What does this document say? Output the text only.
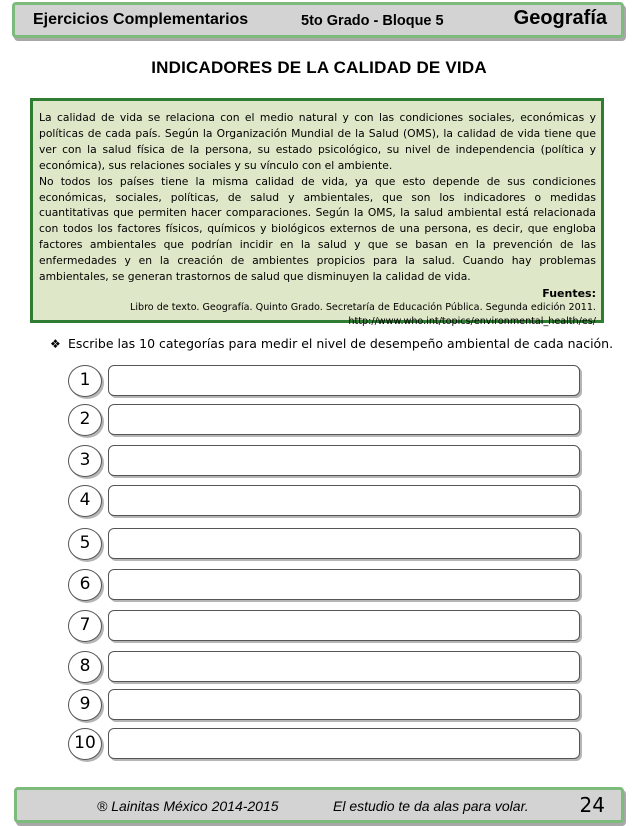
Ejercicios Complementarios	5to Grado - Bloque 5	Geografía
INDICADORES DE LA CALIDAD DE VIDA

La calidad de vida se relaciona con el medio natural y con las condiciones sociales, económicas y políticas de cada país. Según la Organización Mundial de la Salud (OMS), la calidad de vida tiene que ver con la salud física de la persona, su estado psicológico, su nivel de independencia (política y económica), sus relaciones sociales y su vínculo con el ambiente.

No todos los países tiene la misma calidad de vida, ya que esto depende de sus condiciones económicas, sociales, políticas, de salud y ambientales, que son los indicadores o medidas cuantitativas que permiten hacer comparaciones. Según la OMS, la salud ambiental está relacionada con todos los factores físicos, químicos y biológicos externos de una persona, es decir, que engloba factores ambientales que podrían incidir en la salud y que se basan en la prevención de las enfermedades y en la creación de ambientes propicios para la salud. Cuando hay problemas ambientales, se generan trastornos de salud que disminuyen la calidad de vida.

Fuentes:
Libro de texto. Geografía. Quinto Grado. Secretaría de Educación Pública. Segunda edición 2011.
http://www.who.int/topics/environmental_health/es/
❖ Escribe las 10 categorías para medir el nivel de desempeño ambiental de cada nación.
1
2
3
4
5
6
7
8
9
10
® Lainitas México 2014-2015	El estudio te da alas para volar.	24
